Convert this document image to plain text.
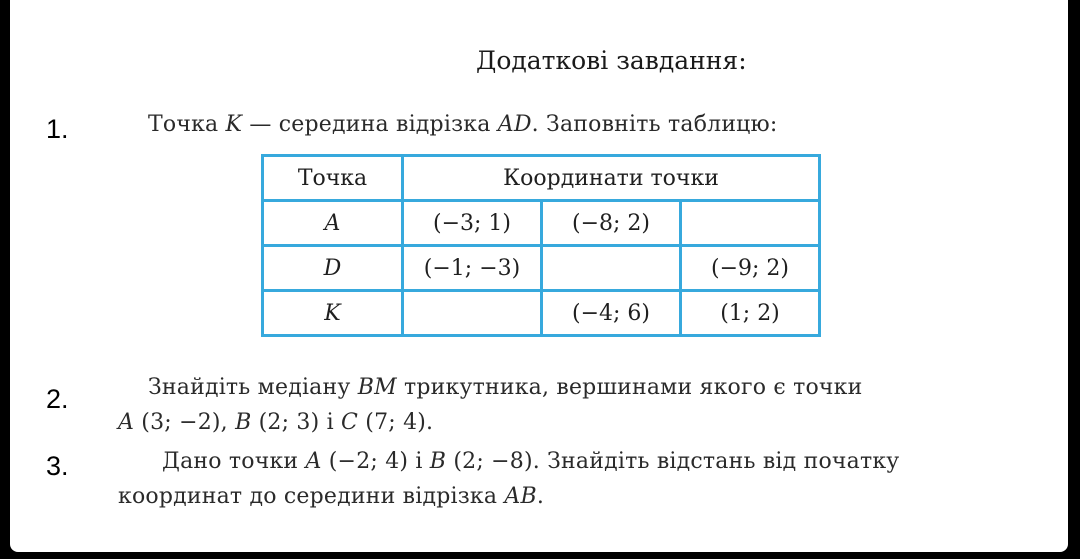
Додаткові завдання:
1.	Точка K — середина відрізка AD. Заповніть таблицю:
Точка	Координати точки		
A	(−3; 1)	(−8; 2)	
D	(−1; −3)		(−9; 2)
K		(−4; 6)	(1; 2)
2.	Знайдіть медіану BM трикутника, вершинами якого є точки
A (3; −2), B (2; 3) і C (7; 4).
3.	Дано точки A (−2; 4) і B (2; −8). Знайдіть відстань від початку
координат до середини відрізка AB.
